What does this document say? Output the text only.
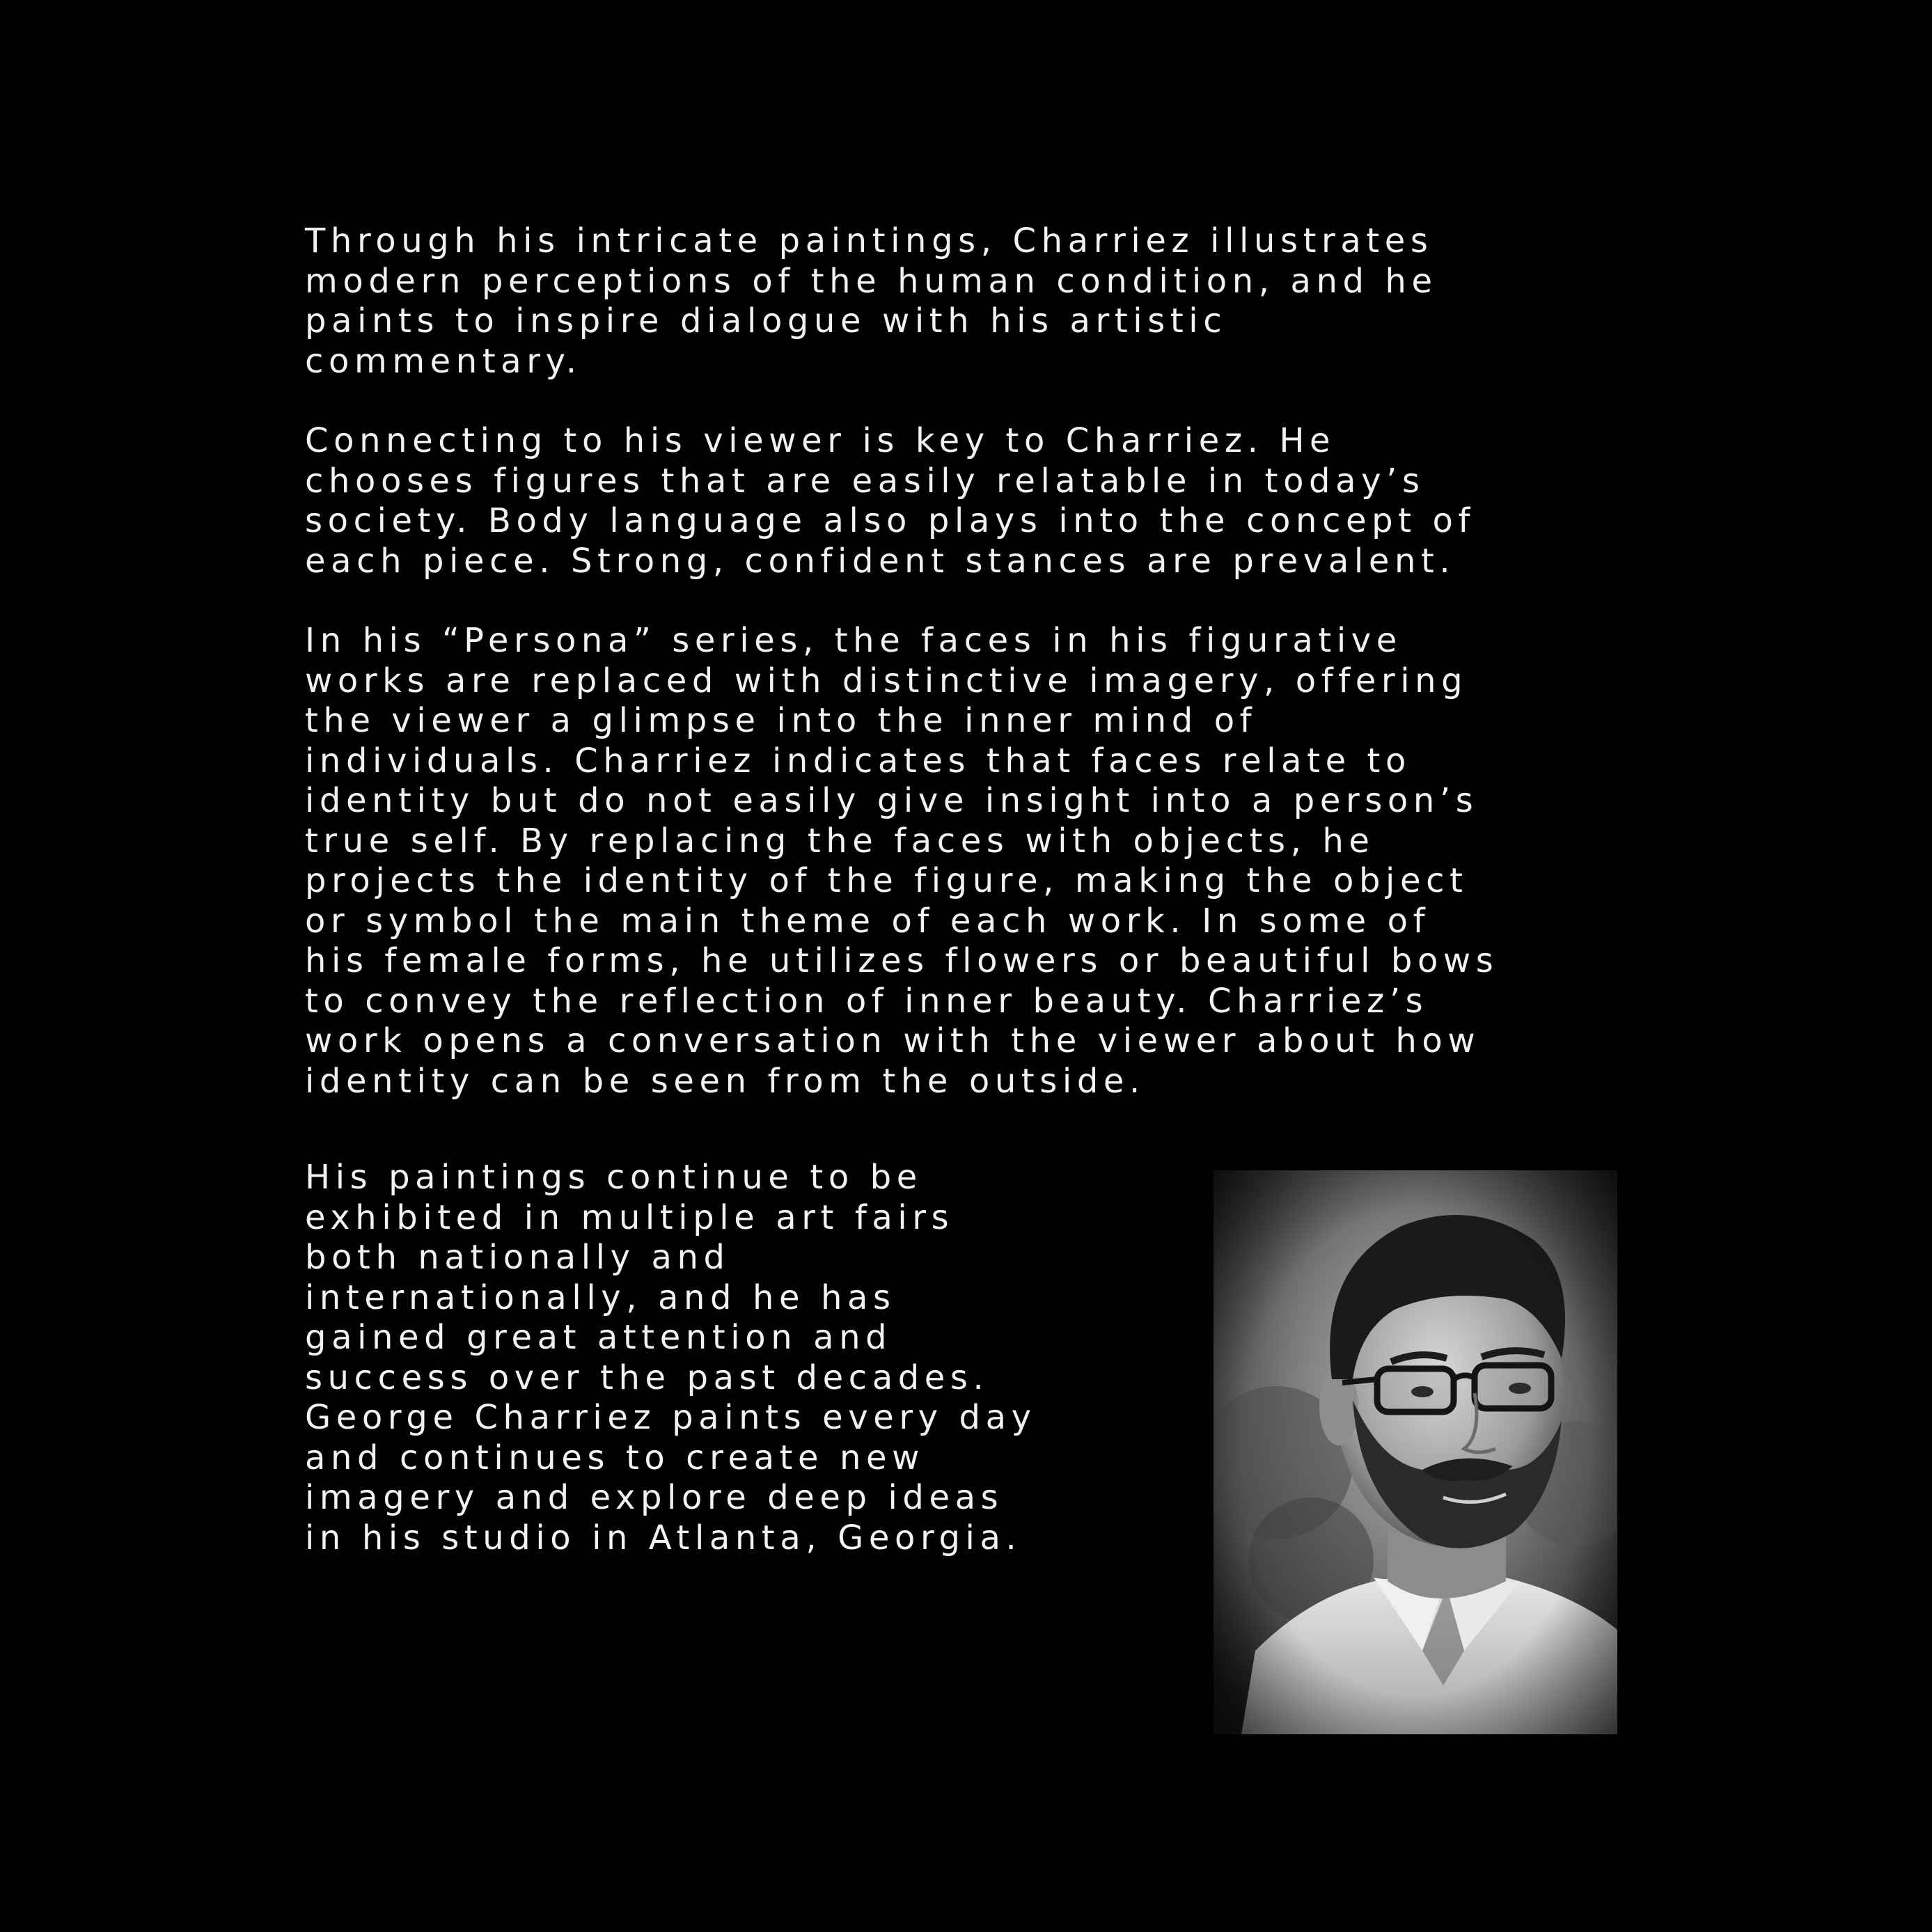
Through his intricate paintings, Charriez illustrates
modern perceptions of the human condition, and he
paints to inspire dialogue with his artistic
commentary.

Connecting to his viewer is key to Charriez. He
chooses figures that are easily relatable in today’s
society. Body language also plays into the concept of
each piece. Strong, confident stances are prevalent.

In his “Persona” series, the faces in his figurative
works are replaced with distinctive imagery, offering
the viewer a glimpse into the inner mind of
individuals. Charriez indicates that faces relate to
identity but do not easily give insight into a person’s
true self. By replacing the faces with objects, he
projects the identity of the figure, making the object
or symbol the main theme of each work. In some of
his female forms, he utilizes flowers or beautiful bows
to convey the reflection of inner beauty. Charriez’s
work opens a conversation with the viewer about how
identity can be seen from the outside.

His paintings continue to be
exhibited in multiple art fairs
both nationally and
internationally, and he has
gained great attention and
success over the past decades.
George Charriez paints every day
and continues to create new
imagery and explore deep ideas
in his studio in Atlanta, Georgia.
